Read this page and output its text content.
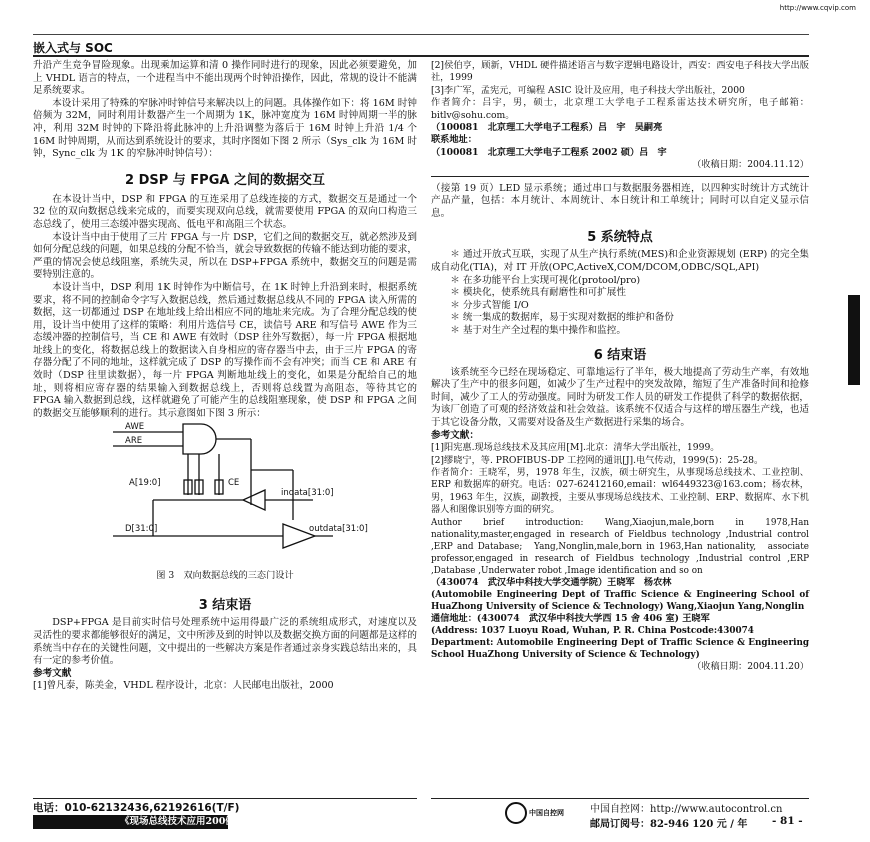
http://www.cqvip.com
嵌入式与 SOC

升沿产生竞争冒险现象。出现乘加运算和清 0 操作同时进行的现象，因此必须要避免，加上 VHDL 语言的特点，一个进程当中不能出现两个时钟沿操作，因此，常规的设计不能满足系统要求。

本设计采用了特殊的窄脉冲时钟信号来解决以上的问题。具体操作如下：将 16M 时钟倍频为 32M，同时利用计数器产生一个周期为 1K，脉冲宽度为 16M 时钟周期一半的脉冲，利用 32M 时钟的下降沿将此脉冲的上升沿调整为落后于 16M 时钟上升沿 1/4 个 16M 时钟周期，从而达到系统设计的要求，其时序图如下图 2 所示（Sys_clk 为 16M 时钟，Sync_clk 为 1K 的窄脉冲时钟信号）：

2 DSP 与 FPGA 之间的数据交互

在本设计当中，DSP 和 FPGA 的互连采用了总线连接的方式，数据交互是通过一个 32 位的双向数据总线来完成的，而要实现双向总线，就需要使用 FPGA 的双向口构造三态总线了，使用三态缓冲器实现高、低电平和高阻三个状态。

本设计当中由于使用了三片 FPGA 与一片 DSP，它们之间的数据交互，就必然涉及到如何分配总线的问题，如果总线的分配不恰当，就会导致数据的传输不能达到功能的要求，严重的情况会使总线阻塞，系统失灵，所以在 DSP+FPGA 系统中，数据交互的问题是需要特别注意的。

本设计当中，DSP 利用 1K 时钟作为中断信号，在 1K 时钟上升沿到来时，根据系统要求，将不同的控制命令字写入数据总线，然后通过数据总线从不同的 FPGA 读入所需的数据，这一切都通过 DSP 在地址线上给出相应不同的地址来完成。为了合理分配总线的使用，设计当中使用了这样的策略：利用片选信号 CE，读信号 ARE 和写信号 AWE 作为三态缓冲器的控制信号，当 CE 和 AWE 有效时（DSP 往外写数据），每一片 FPGA 根据地址线上的变化，将数据总线上的数据读入自身相应的寄存器当中去，由于三片 FPGA 的寄存器分配了不同的地址，这样就完成了 DSP 的写操作而不会有冲突；而当 CE 和 ARE 有效时（DSP 往里读数据），每一片 FPGA 判断地址线上的变化，如果是分配给自己的地址，则将相应寄存器的结果输入到数据总线上，否则将总线置为高阻态，等待其它的 FPGA 输入数据到总线，这样就避免了可能产生的总线阻塞现象，使 DSP 和 FPGA 之间的数据交互能够顺利的进行。其示意图如下图 3 所示：

AWE
ARE
A[19:0]	CE
indata[31:0]
D[31:0]	outdata[31:0]
图 3　双向数据总线的三态门设计
3 结束语

DSP+FPGA 是目前实时信号处理系统中运用得最广泛的系统组成形式，对速度以及灵活性的要求都能够很好的满足，文中所涉及到的时钟以及数据交换方面的问题都是这样的系统当中存在的关键性问题，文中提出的一些解决方案是作者通过亲身实践总结出来的，具有一定的参考价值。

参考文献
[1]曾凡泰，陈美金，VHDL 程序设计，北京：人民邮电出版社，2000
电话：010-62132436,62192616(T/F)
《现场总线技术应用200例》
[2]侯伯亨，顾新，VHDL 硬件描述语言与数字逻辑电路设计，西安：西安电子科技大学出版社，1999
[3]李广军，孟宪元，可编程 ASIC 设计及应用，电子科技大学出版社，2000
作者简介：吕宇，男，硕士，北京理工大学电子工程系雷达技术研究所，电子邮箱：bitlv@sohu.com。
（100081　北京理工大学电子工程系）吕　宇　吴嗣亮
联系地址：
（100081　北京理工大学电子工程系 2002 硕）吕　宇
（收稿日期：2004.11.12）

（接第 19 页）LED 显示系统；通过串口与数据服务器相连，以四种实时统计方式统计产品产量，包括：本月统计、本周统计、本日统计和工单统计；同时可以自定义显示信息。

5 系统特点
＊ 通过开放式互联，实现了从生产执行系统(MES)和企业资源规划 (ERP) 的完全集成自动化(TIA)，对 IT 开放(OPC,ActiveX,COM/DCOM,ODBC/SQL,API)
＊ 在多功能平台上实现可视化(protool/pro)
＊ 模块化，使系统具有耐磨性和可扩展性
＊ 分步式智能 I/O
＊ 统一集成的数据库，易于实现对数据的维护和备份
＊ 基于对生产全过程的集中操作和监控。
6 结束语

该系统至今已经在现场稳定、可靠地运行了半年，极大地提高了劳动生产率，有效地解决了生产中的很多问题，如减少了生产过程中的突发故障，缩短了生产准备时间和抢修时间，减少了工人的劳动强度。同时为研发工作人员的研发工作提供了科学的数据依据，为该厂创造了可观的经济效益和社会效益。该系统不仅适合与这样的增压器生产线，也适于其它设备分散，又需要对设备及生产数据进行采集的场合。

参考文献：
[1]阳宪惠.现场总线技术及其应用[M].北京：清华大学出版社，1999。
[2]缪晓宁，等. PROFIBUS-DP 工控网的通讯[J].电气传动，1999(5)：25-28。
作者简介：王晓军，男，1978 年生，汉族，硕士研究生，从事现场总线技术、工业控制、ERP 和数据库的研究。电话：027-62412160,email：wl6449323@163.com；杨农林，男，1963 年生，汉族，副教授，主要从事现场总线技术、工业控制、ERP、数据库、水下机器人和图像识别等方面的研究。
Author brief introduction: Wang,Xiaojun,male,born in 1978,Han nationality,master,engaged in research of Fieldbus technology ,Industrial control ,ERP and Database;　Yang,Nonglin,male,born in 1963,Han nationality,　associate professor,engaged in research of Fieldbus technology ,Industrial control ,ERP ,Database ,Underwater robot ,Image identification and so on
（430074　武汉华中科技大学交通学院）王晓军　杨农林
(Automobile Engineering Dept of Traffic Science & Engineering School of HuaZhong University of Science & Technology) Wang,Xiaojun Yang,Nonglin
通信地址：(430074　武汉华中科技大学西 15 舍 406 室) 王晓军
(Address: 1037 Luoyu Road, Wuhan, P. R. China Postcode:430074
Department: Automobile Engineering Dept of Traffic Science & Engineering School HuaZhong University of Science & Technology)
（收稿日期：2004.11.20）
中国自控网	中国自控网：http://www.autocontrol.cn
邮局订阅号：82-946 120 元 / 年 - 81 -
